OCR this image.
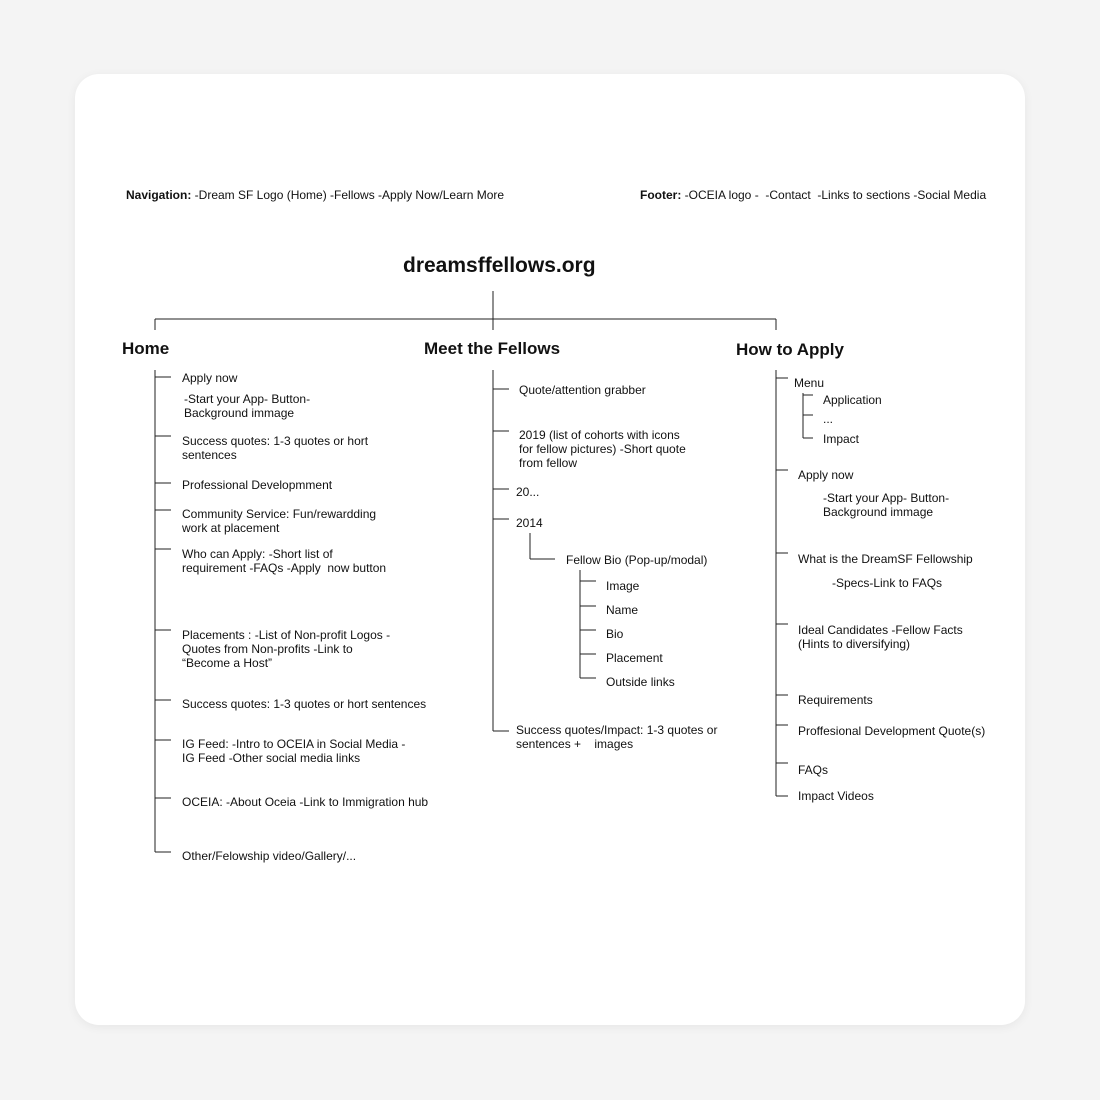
Navigation: -Dream SF Logo (Home) -Fellows -Apply Now/Learn More	Footer: -OCEIA logo -  -Contact  -Links to sections -Social Media
dreamsffellows.org
Home	Meet the Fellows	How to Apply
Apply now
-Start your App- Button-
Background immage
Success quotes: 1-3 quotes or hort
sentences
Professional Developmment
Community Service: Fun/rewardding
work at placement
Who can Apply: -Short list of
requirement -FAQs -Apply  now button
Placements : -List of Non-profit Logos -
Quotes from Non-profits -Link to
“Become a Host”
Success quotes: 1-3 quotes or hort sentences
IG Feed: -Intro to OCEIA in Social Media -
IG Feed -Other social media links
OCEIA: -About Oceia -Link to Immigration hub
Other/Felowship video/Gallery/...
Quote/attention grabber
2019 (list of cohorts with icons
for fellow pictures) -Short quote
from fellow
20...
2014
Fellow Bio (Pop-up/modal)
Image
Name
Bio
Placement
Outside links
Success quotes/Impact: 1-3 quotes or
sentences +    images
Menu
Application
...
Impact
Apply now
-Start your App- Button-
Background immage
What is the DreamSF Fellowship
-Specs-Link to FAQs
Ideal Candidates -Fellow Facts
(Hints to diversifying)
Requirements
Proffesional Development Quote(s)
FAQs
Impact Videos
